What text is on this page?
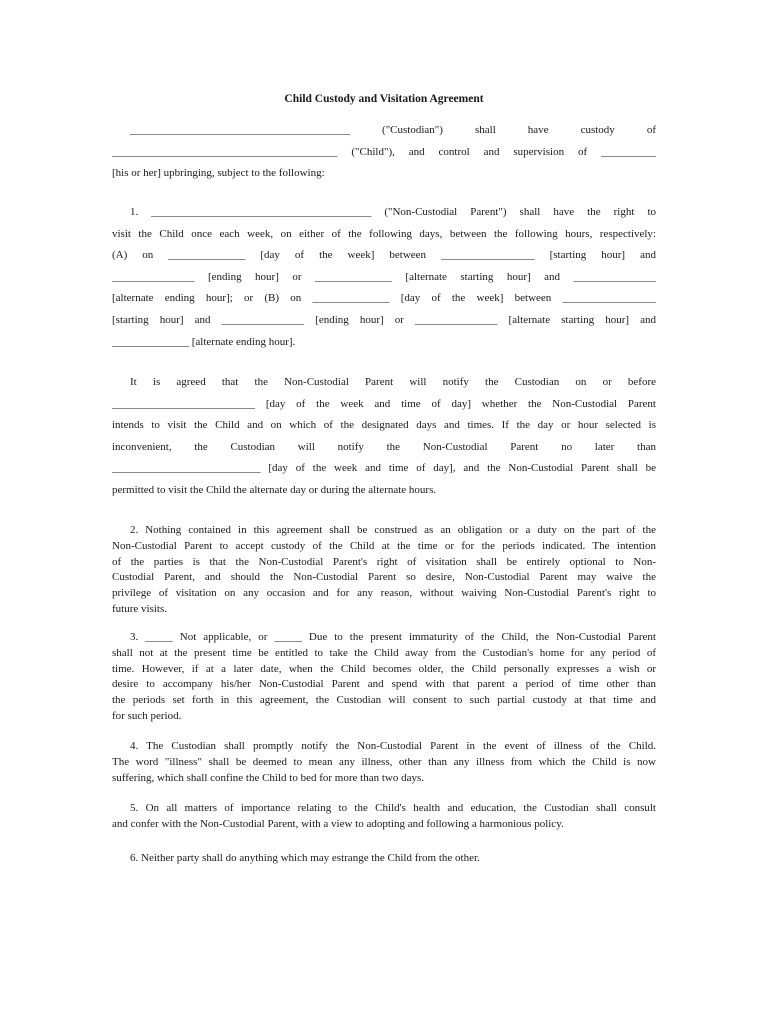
Child Custody and Visitation Agreement
________________________________________ ("Custodian") shall have custody of
_________________________________________ ("Child"), and control and supervision of __________
[his or her] upbringing, subject to the following:
1. ________________________________________ ("Non-Custodial Parent") shall have the right to
visit the Child once each week, on either of the following days, between the following hours, respectively:
(A) on ______________ [day of the week] between _________________ [starting hour] and
_______________ [ending hour] or ______________ [alternate starting hour] and _______________
[alternate ending hour]; or (B) on ______________ [day of the week] between _________________
[starting hour] and _______________ [ending hour] or _______________ [alternate starting hour] and
______________ [alternate ending hour].
It is agreed that the Non-Custodial Parent will notify the Custodian on or before
__________________________ [day of the week and time of day] whether the Non-Custodial Parent
intends to visit the Child and on which of the designated days and times. If the day or hour selected is
inconvenient, the Custodian will notify the Non-Custodial Parent no later than
___________________________ [day of the week and time of day], and the Non-Custodial Parent shall be
permitted to visit the Child the alternate day or during the alternate hours.
2. Nothing contained in this agreement shall be construed as an obligation or a duty on the part of the
Non-Custodial Parent to accept custody of the Child at the time or for the periods indicated. The intention
of the parties is that the Non-Custodial Parent's right of visitation shall be entirely optional to Non-
Custodial Parent, and should the Non-Custodial Parent so desire, Non-Custodial Parent may waive the
privilege of visitation on any occasion and for any reason, without waiving Non-Custodial Parent's right to
future visits.
3. _____ Not applicable, or _____ Due to the present immaturity of the Child, the Non-Custodial Parent
shall not at the present time be entitled to take the Child away from the Custodian's home for any period of
time. However, if at a later date, when the Child becomes older, the Child personally expresses a wish or
desire to accompany his/her Non-Custodial Parent and spend with that parent a period of time other than
the periods set forth in this agreement, the Custodian will consent to such partial custody at that time and
for such period.
4. The Custodian shall promptly notify the Non-Custodial Parent in the event of illness of the Child.
The word "illness" shall be deemed to mean any illness, other than any illness from which the Child is now
suffering, which shall confine the Child to bed for more than two days.
5. On all matters of importance relating to the Child's health and education, the Custodian shall consult
and confer with the Non-Custodial Parent, with a view to adopting and following a harmonious policy.
6. Neither party shall do anything which may estrange the Child from the other.
